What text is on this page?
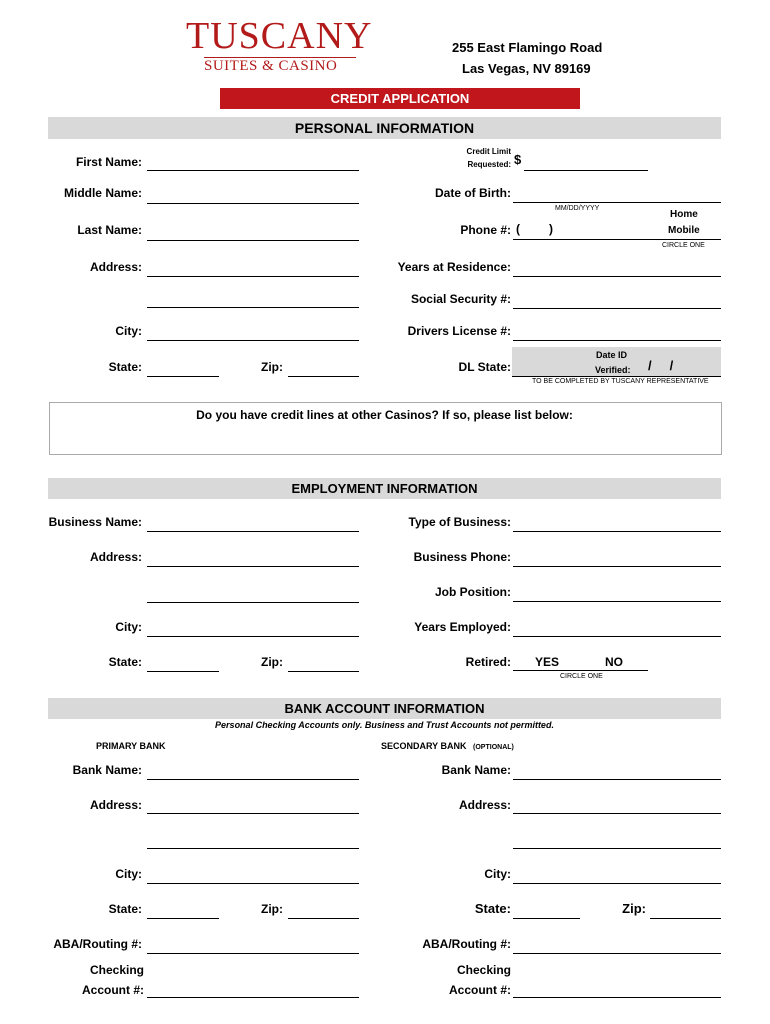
TUSCANY
SUITES & CASINO
255 East Flamingo Road
Las Vegas, NV 89169
CREDIT APPLICATION
PERSONAL INFORMATION
First Name:
Middle Name:
Last Name:
Address:
City:
State:	Zip:
Credit Limit
Requested: $
Date of Birth:
MM/DD/YYYY
Home
Phone #: ( )	Mobile
CIRCLE ONE
Years at Residence:
Social Security #:
Drivers License #:
DL State:
Date ID
Verified: /     /
TO BE COMPLETED BY TUSCANY REPRESENTATIVE
Do you have credit lines at other Casinos? If so, please list below:
EMPLOYMENT INFORMATION
Business Name:
Address:
City:
State:	Zip:
Type of Business:
Business Phone:
Job Position:
Years Employed:
Retired: YES	NO
CIRCLE ONE
BANK ACCOUNT INFORMATION
Personal Checking Accounts only. Business and Trust Accounts not permitted.
PRIMARY BANK	SECONDARY BANK (OPTIONAL)
Bank Name:
Address:
City:
State:	Zip:
ABA/Routing #:
Checking
Account #:
Bank Name:
Address:
City:
State:	Zip:
ABA/Routing #:
Checking
Account #:
